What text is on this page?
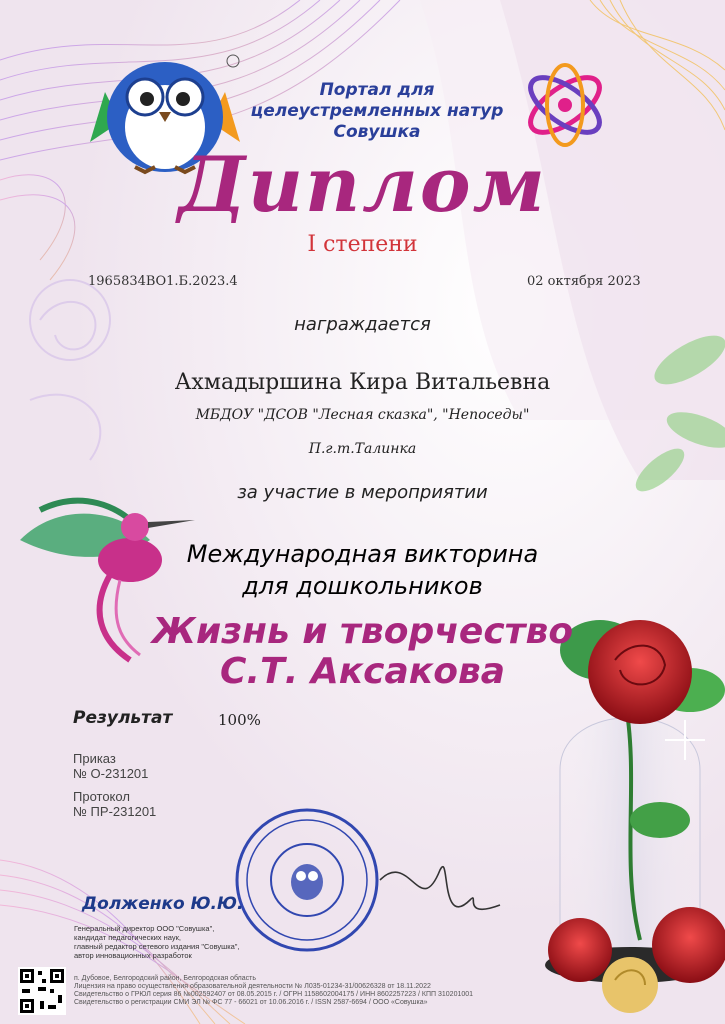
Портал для
целеустремленных натур
Совушка
Диплом
I степени
1965834ВО1.Б.2023.4	02 октября 2023
награждается
Ахмадыршина Кира Витальевна
МБДОУ "ДСОВ "Лесная сказка", "Непоседы"
П.г.т.Талинка
за участие в мероприятии
Международная викторина
для дошкольников
Жизнь и творчество
С.Т. Аксакова
Результат	100%
Приказ
№ О-231201
Протокол
№ ПР-231201
Долженко Ю.Ю.
Генеральный директор ООО "Совушка",
кандидат педагогических наук,
главный редактор сетевого издания "Совушка",
автор инновационных разработок
п. Дубовое, Белгородский район, Белгородская область
Лицензия на право осуществления образовательной деятельности № Л035-01234-31/00626328 от 18.11.2022
Свидетельство о ГРЮЛ серия 86 №002592407 от 08.05.2015 г. / ОГРН 1158602004175 / ИНН 8602257223 / КПП 310201001
Свидетельство о регистрации СМИ ЭЛ № ФС 77 - 66021 от 10.06.2016 г. / ISSN 2587-6694 / ООО «Совушка»
